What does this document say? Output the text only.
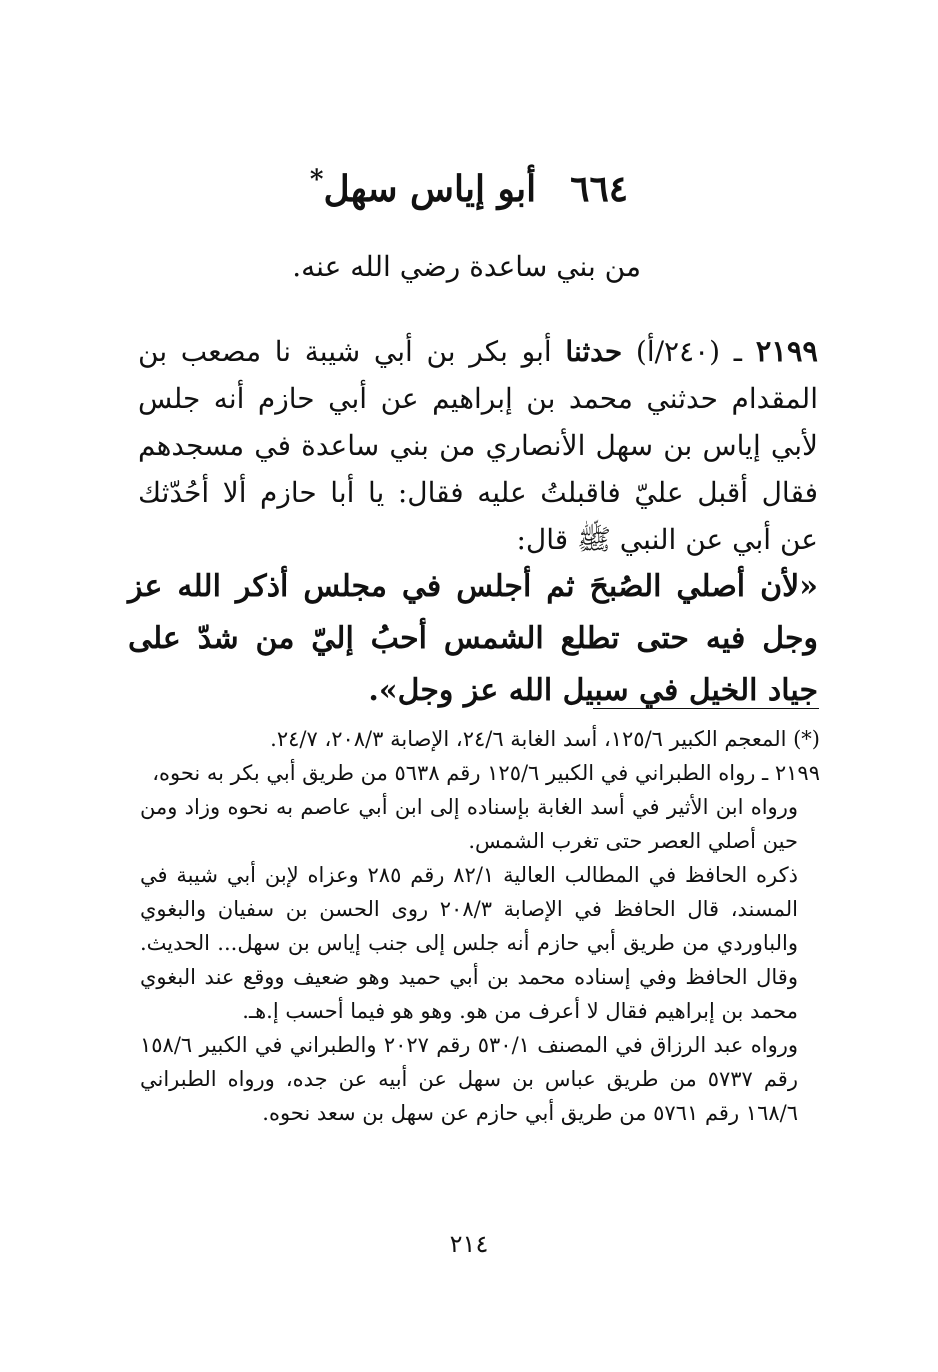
٦٦٤أبو إياس سهل*
من بني ساعدة رضي الله عنه.
٢١٩٩ ـ (٢٤٠/أ) حدثنا أبو بكر بن أبي شيبة نا مصعب بن المقدام حدثني محمد بن إبراهيم عن أبي حازم أنه جلس لأبي إياس بن سهل الأنصاري من بني ساعدة في مسجدهم فقال أقبل عليّ فاقبلتُ عليه فقال: يا أبا حازم ألا أحُدّثك عن أبي عن النبي ﷺ قال:
«لأن أصلي الصُبحَ ثم أجلس في مجلس أذكر الله عز وجل فيه حتى تطلع الشمس أحبُ إليّ من شدّ على جياد الخيل في سبيل الله عز وجل».

(*) المعجم الكبير ١٢٥/٦، أسد الغابة ٢٤/٦، الإصابة ٢٠٨/٣، ٢٤/٧.

٢١٩٩ ـ رواه الطبراني في الكبير ١٢٥/٦ رقم ٥٦٣٨ من طريق أبي بكر به نحوه،

ورواه ابن الأثير في أسد الغابة بإسناده إلى ابن أبي عاصم به نحوه وزاد ومن حين أصلي العصر حتى تغرب الشمس.

ذكره الحافظ في المطالب العالية ٨٢/١ رقم ٢٨٥ وعزاه لإبن أبي شيبة في المسند، قال الحافظ في الإصابة ٢٠٨/٣ روى الحسن بن سفيان والبغوي والباوردي من طريق أبي حازم أنه جلس إلى جنب إياس بن سهل... الحديث. وقال الحافظ وفي إسناده محمد بن أبي حميد وهو ضعيف ووقع عند البغوي محمد بن إبراهيم فقال لا أعرف من هو. وهو هو فيما أحسب إ.هـ.

ورواه عبد الرزاق في المصنف ٥٣٠/١ رقم ٢٠٢٧ والطبراني في الكبير ١٥٨/٦ رقم ٥٧٣٧ من طريق عباس بن سهل عن أبيه عن جده، ورواه الطبراني ١٦٨/٦ رقم ٥٧٦١ من طريق أبي حازم عن سهل بن سعد نحوه.

٢١٤
